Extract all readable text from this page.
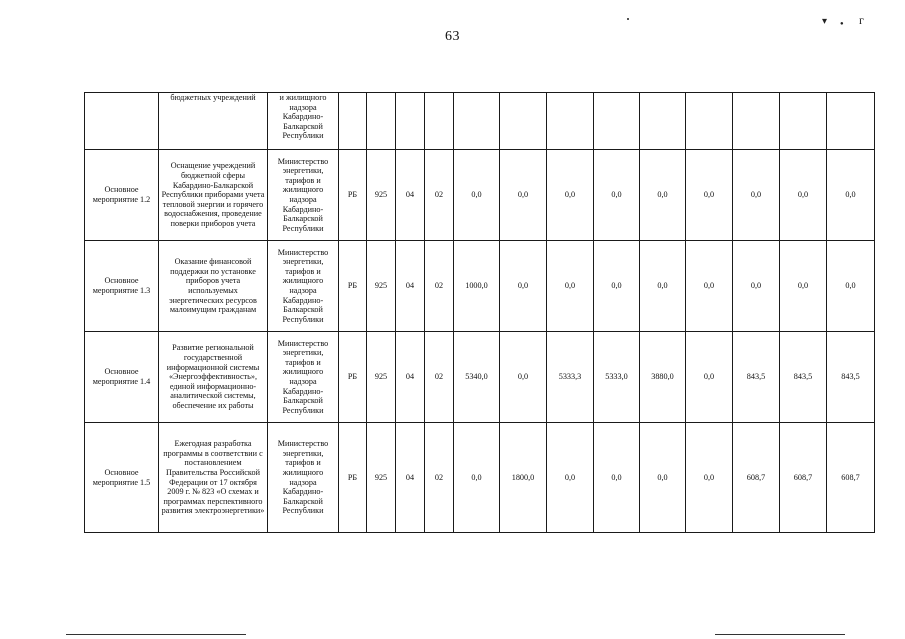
63
▾ ● ᴦ
	бюджетных учреждений	и жилищного надзора Кабардино-Балкарской Республики													
Основное мероприятие 1.2	Оснащение учреждений бюджетной сферы Кабардино-Балкарской Республики приборами учета тепловой энергии и горячего водоснабжения, проведение поверки приборов учета	Министерство энергетики, тарифов и жилищного надзора Кабардино-Балкарской Республики	РБ	925	04	02	0,0	0,0	0,0	0,0	0,0	0,0	0,0	0,0	0,0
Основное мероприятие 1.3	Оказание финансовой поддержки по установке приборов учета используемых энергетических ресурсов малоимущим гражданам	Министерство энергетики, тарифов и жилищного надзора Кабардино-Балкарской Республики	РБ	925	04	02	1000,0	0,0	0,0	0,0	0,0	0,0	0,0	0,0	0,0
Основное мероприятие 1.4	Развитие региональной государственной информационной системы «Энергоэффективность», единой информационно-аналитической системы, обеспечение их работы	Министерство энергетики, тарифов и жилищного надзора Кабардино-Балкарской Республики	РБ	925	04	02	5340,0	0,0	5333,3	5333,0	3880,0	0,0	843,5	843,5	843,5
Основное мероприятие 1.5	Ежегодная разработка программы в соответствии с постановлением Правительства Российской Федерации от 17 октября 2009 г. № 823 «О схемах и программах перспективного развития электроэнергетики»	Министерство энергетики, тарифов и жилищного надзора Кабардино-Балкарской Республики	РБ	925	04	02	0,0	1800,0	0,0	0,0	0,0	0,0	608,7	608,7	608,7
